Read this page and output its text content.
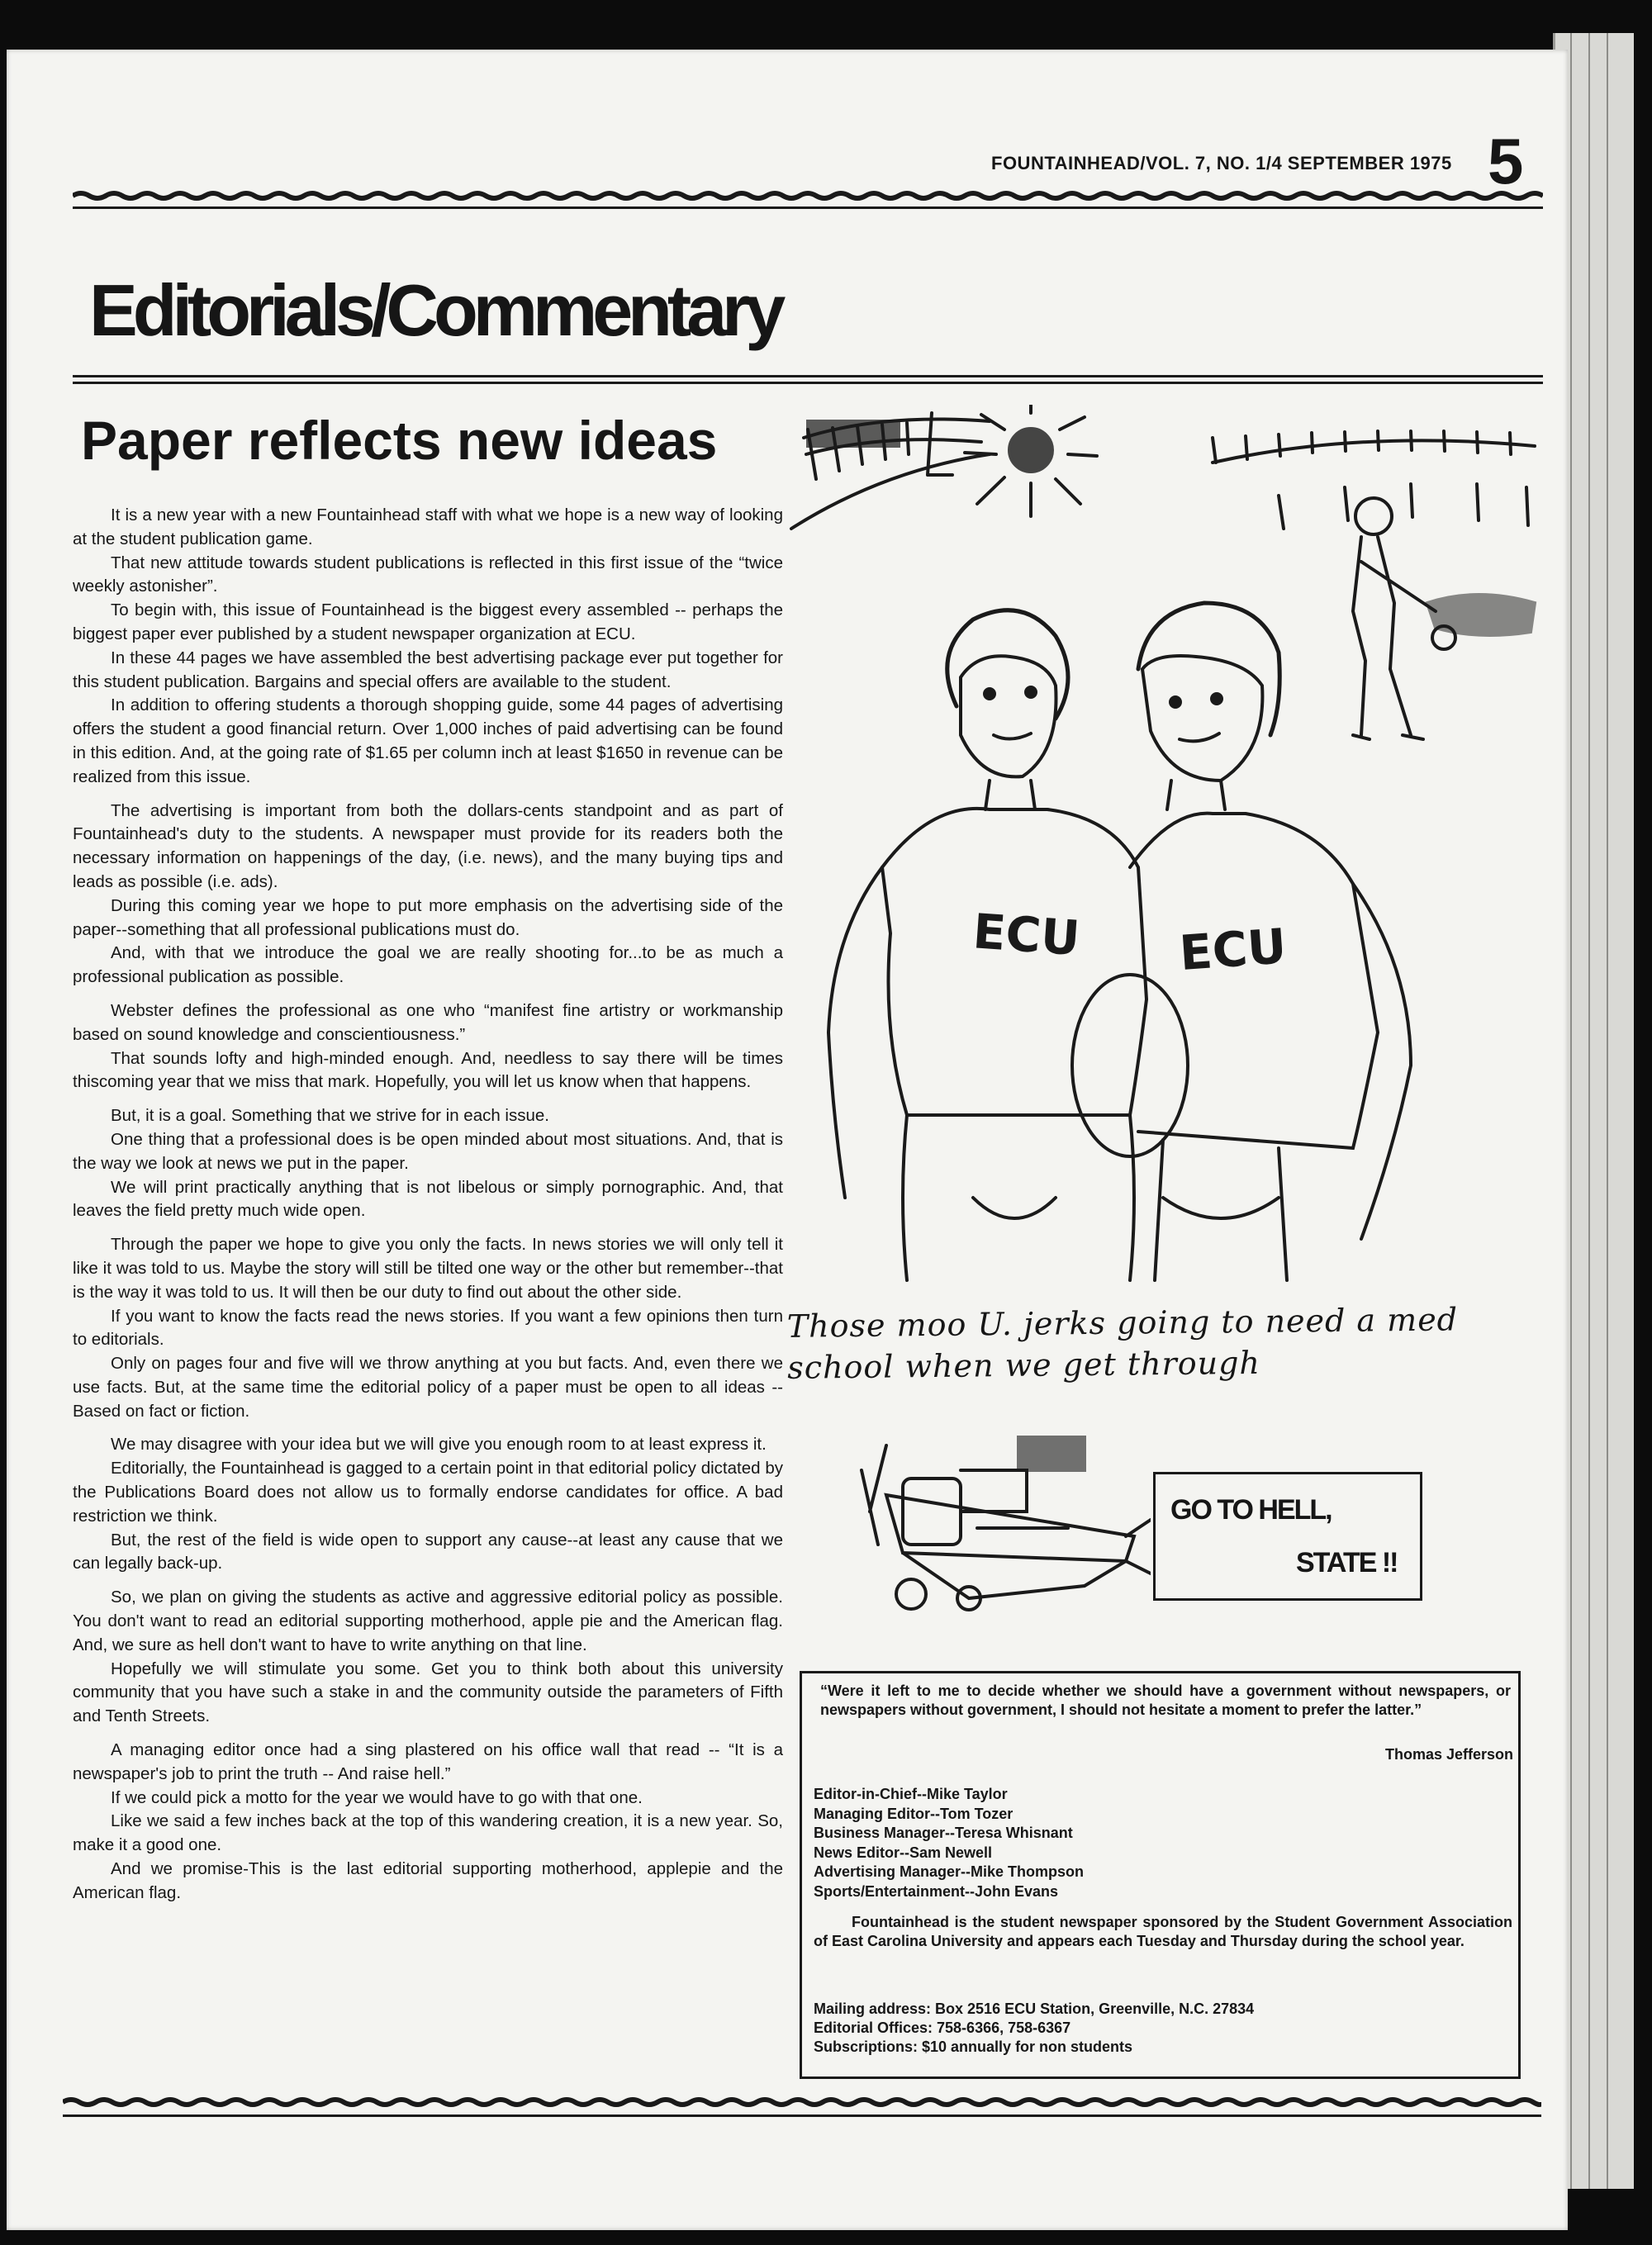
FOUNTAINHEAD/VOL. 7, NO. 1/4 SEPTEMBER 1975 5
Editorials/Commentary
Paper reflects new ideas

It is a new year with a new Fountainhead staff with what we hope is a new way of looking at the student publication game.

That new attitude towards student publications is reflected in this first issue of the “twice weekly astonisher”.

To begin with, this issue of Fountainhead is the biggest every assembled -- perhaps the biggest paper ever published by a student newspaper organization at ECU.

In these 44 pages we have assembled the best advertising package ever put together for this student publication. Bargains and special offers are available to the student.

In addition to offering students a thorough shopping guide, some 44 pages of advertising offers the student a good financial return. Over 1,000 inches of paid advertising can be found in this edition. And, at the going rate of $1.65 per column inch at least $1650 in revenue can be realized from this issue.

The advertising is important from both the dollars-cents standpoint and as part of Fountainhead's duty to the students. A newspaper must provide for its readers both the necessary information on happenings of the day, (i.e. news), and the many buying tips and leads as possible (i.e. ads).

During this coming year we hope to put more emphasis on the advertising side of the paper--something that all professional publications must do.

And, with that we introduce the goal we are really shooting for...to be as much a professional publication as possible.

Webster defines the professional as one who “manifest fine artistry or workmanship based on sound knowledge and conscientiousness.”

That sounds lofty and high-minded enough. And, needless to say there will be times thiscoming year that we miss that mark. Hopefully, you will let us know when that happens.

But, it is a goal. Something that we strive for in each issue.

One thing that a professional does is be open minded about most situations. And, that is the way we look at news we put in the paper.

We will print practically anything that is not libelous or simply pornographic. And, that leaves the field pretty much wide open.

Through the paper we hope to give you only the facts. In news stories we will only tell it like it was told to us. Maybe the story will still be tilted one way or the other but remember--that is the way it was told to us. It will then be our duty to find out about the other side.

If you want to know the facts read the news stories. If you want a few opinions then turn to editorials.

Only on pages four and five will we throw anything at you but facts. And, even there we use facts. But, at the same time the editorial policy of a paper must be open to all ideas -- Based on fact or fiction.

We may disagree with your idea but we will give you enough room to at least express it.

Editorially, the Fountainhead is gagged to a certain point in that editorial policy dictated by the Publications Board does not allow us to formally endorse candidates for office. A bad restriction we think.

But, the rest of the field is wide open to support any cause--at least any cause that we can legally back-up.

So, we plan on giving the students as active and aggressive editorial policy as possible. You don't want to read an editorial supporting motherhood, apple pie and the American flag. And, we sure as hell don't want to have to write anything on that line.

Hopefully we will stimulate you some. Get you to think both about this university community that you have such a stake in and the community outside the parameters of Fifth and Tenth Streets.

A managing editor once had a sing plastered on his office wall that read -- “It is a newspaper's job to print the truth -- And raise hell.”

If we could pick a motto for the year we would have to go with that one.

Like we said a few inches back at the top of this wandering creation, it is a new year. So, make it a good one.

And we promise-This is the last editorial supporting motherhood, applepie and the American flag.

ECU ECU
Those moo U. jerks going to need a med school when we get through
GO TO HELL,
STATE !!
“Were it left to me to decide whether we should have a government without newspapers, or newspapers without government, I should not hesitate a moment to prefer the latter.”
Thomas Jefferson
Editor-in-Chief--Mike Taylor
Managing Editor--Tom Tozer
Business Manager--Teresa Whisnant
News Editor--Sam Newell
Advertising Manager--Mike Thompson
Sports/Entertainment--John Evans
Fountainhead is the student newspaper sponsored by the Student Government Association of East Carolina University and appears each Tuesday and Thursday during the school year.
Mailing address: Box 2516 ECU Station, Greenville, N.C. 27834
Editorial Offices: 758-6366, 758-6367
Subscriptions: $10 annually for non students
